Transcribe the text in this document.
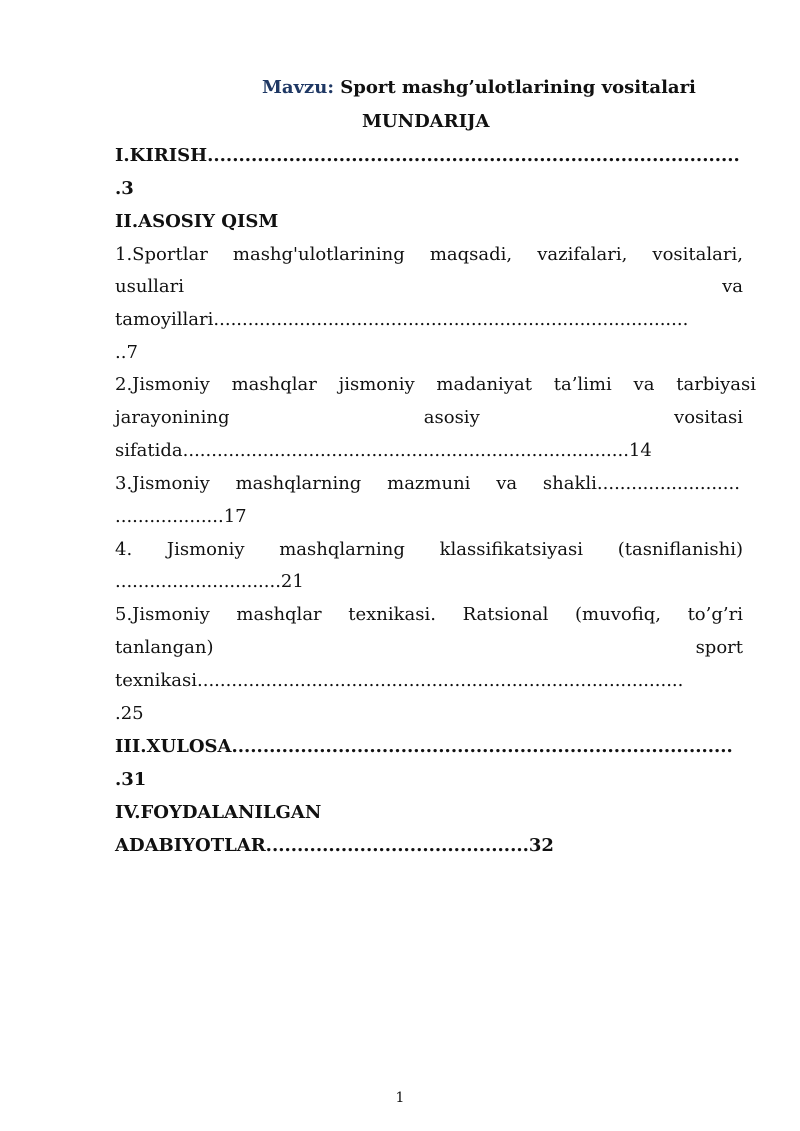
Mavzu: Sport mashg’ulotlarining vositalari
MUNDARIJA
I.KIRISH.....................................................................................
.3
II.ASOSIY QISM
1.Sportlar mashg'ulotlarining maqsadi, vazifalari, vositalari,
usullari	va
tamoyillari...................................................................................
..7
2.Jismoniy mashqlar jismoniy madaniyat ta’limi va tarbiyasi
jarayonining	asosiy	vositasi
sifatida..............................................................................14
3.Jismoniy mashqlarning mazmuni va shakli.........................
...................17
4. Jismoniy mashqlarning klassifikatsiyasi (tasniflanishi)
.............................21
5.Jismoniy mashqlar texnikasi. Ratsional (muvofiq, to’g’ri
tanlangan)	sport
texnikasi.....................................................................................
.25
III.XULOSA................................................................................
.31
IV.FOYDALANILGAN
ADABIYOTLAR..........................................32
1
